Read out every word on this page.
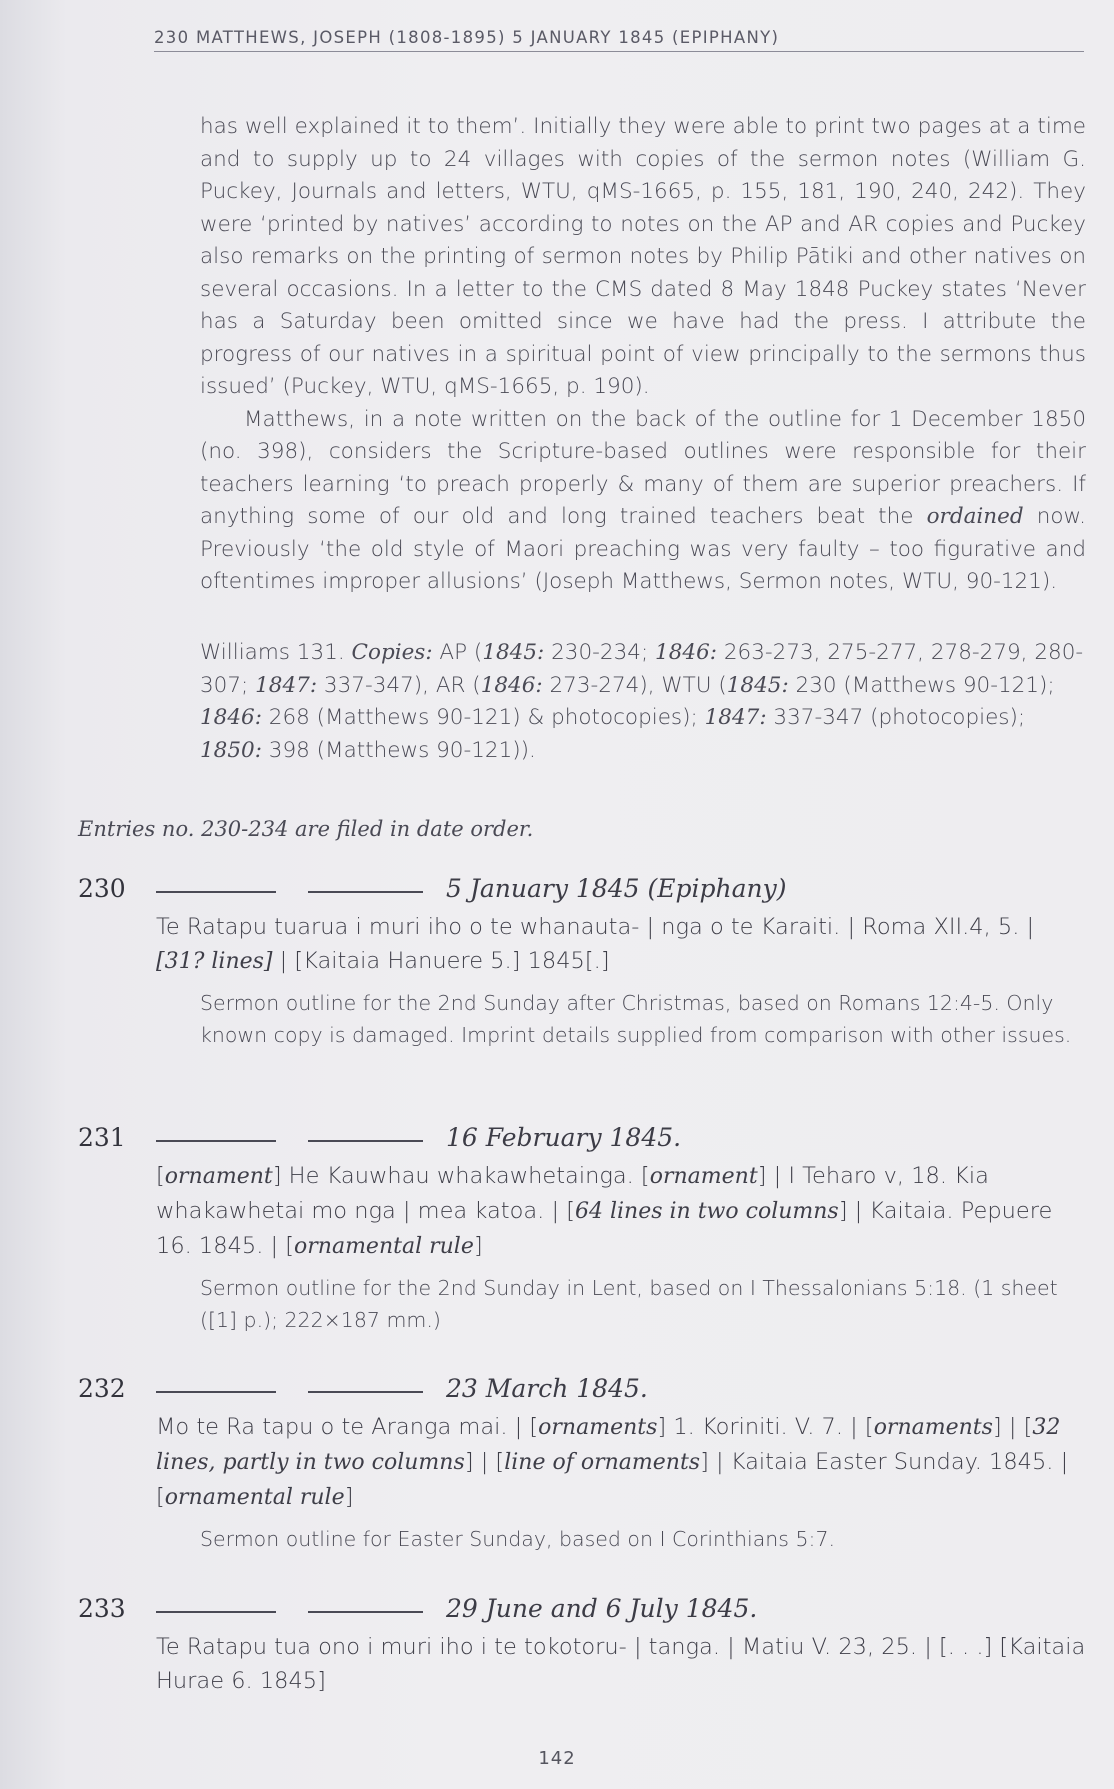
230 MATTHEWS, JOSEPH (1808-1895) 5 JANUARY 1845 (EPIPHANY)

has well explained it to them’. Initially they were able to print two pages at a time and to supply up to 24 villages with copies of the sermon notes (William G. Puckey, Journals and letters, WTU, qMS-1665, p. 155, 181, 190, 240, 242). They were ‘printed by natives’ according to notes on the AP and AR copies and Puckey also remarks on the printing of sermon notes by Philip Pātiki and other natives on several occasions. In a letter to the CMS dated 8 May 1848 Puckey states ‘Never has a Saturday been omitted since we have had the press. I attribute the progress of our natives in a spiritual point of view principally to the sermons thus issued’ (Puckey, WTU, qMS-1665, p. 190).

Matthews, in a note written on the back of the outline for 1 December 1850 (no. 398), considers the Scripture-based outlines were responsible for their teachers learning ‘to preach properly & many of them are superior preachers. If anything some of our old and long trained teachers beat the ordained now. Previously ‘the old style of Maori preaching was very faulty – too figurative and oftentimes improper allusions’ (Joseph Matthews, Sermon notes, WTU, 90-121).

Williams 131. Copies: AP (1845: 230-234; 1846: 263-273, 275-277, 278-279, 280-307; 1847: 337-347), AR (1846: 273-274), WTU (1845: 230 (Matthews 90-121); 1846: 268 (Matthews 90-121) & photocopies); 1847: 337-347 (photocopies); 1850: 398 (Matthews 90-121)).

Entries no. 230-234 are filed in date order.
230	5 January 1845 (Epiphany)
Te Ratapu tuarua i muri iho o te whanauta- | nga o te Karaiti. | Roma XII.4, 5. | [31? lines] | [Kaitaia Hanuere 5.] 1845[.]
Sermon outline for the 2nd Sunday after Christmas, based on Romans 12:4-5. Only known copy is damaged. Imprint details supplied from comparison with other issues.
231	16 February 1845.
[ornament] He Kauwhau whakawhetainga. [ornament] | I Teharo v, 18. Kia whakawhetai mo nga | mea katoa. | [64 lines in two columns] | Kaitaia. Pepuere 16. 1845. | [ornamental rule]
Sermon outline for the 2nd Sunday in Lent, based on I Thessalonians 5:18. (1 sheet ([1] p.); 222×187 mm.)
232	23 March 1845.
Mo te Ra tapu o te Aranga mai. | [ornaments] 1. Koriniti. V. 7. | [ornaments] | [32 lines, partly in two columns] | [line of ornaments] | Kaitaia Easter Sunday. 1845. | [ornamental rule]
Sermon outline for Easter Sunday, based on I Corinthians 5:7.
233	29 June and 6 July 1845.
Te Ratapu tua ono i muri iho i te tokotoru- | tanga. | Matiu V. 23, 25. | [. . .] [Kaitaia Hurae 6. 1845]
142
